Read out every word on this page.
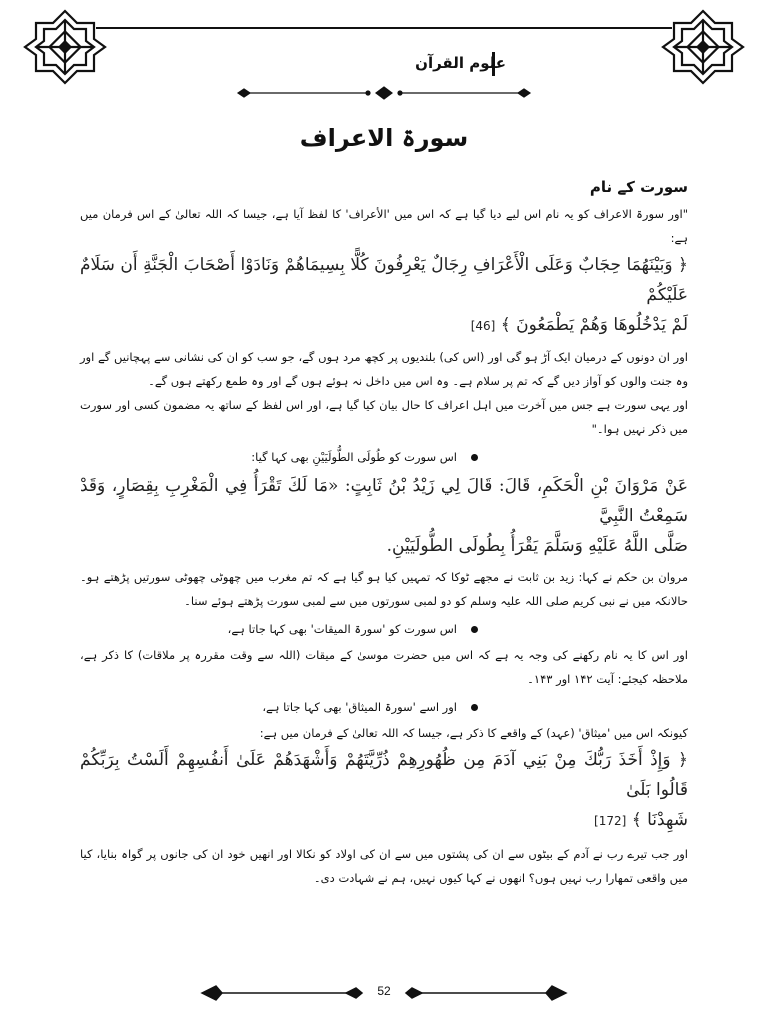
علوم القرآن
سورۃ الاعراف
سورت کے نام

"اور سورۃ الاعراف کو یہ نام اس لیے دیا گیا ہے کہ اس میں 'الأعراف' کا لفظ آیا ہے، جیسا کہ اللہ تعالیٰ کے اس فرمان میں ہے:

﴿ وَبَيْنَهُمَا حِجَابٌ وَعَلَى الْأَعْرَافِ رِجَالٌ يَعْرِفُونَ كُلًّا بِسِيمَاهُمْ وَنَادَوْا أَصْحَابَ الْجَنَّةِ أَن سَلَامٌ عَلَيْكُمْ

لَمْ يَدْخُلُوهَا وَهُمْ يَطْمَعُونَ ﴾ [46]

اور ان دونوں کے درمیان ایک آڑ ہو گی اور (اس کی) بلندیوں پر کچھ مرد ہوں گے، جو سب کو ان کی نشانی سے پہچانیں گے اور وہ جنت والوں کو آواز دیں گے کہ تم پر سلام ہے۔ وہ اس میں داخل نہ ہوئے ہوں گے اور وہ طمع رکھتے ہوں گے۔

اور یہی سورت ہے جس میں آخرت میں اہل اعراف کا حال بیان کیا گیا ہے، اور اس لفظ کے ساتھ یہ مضمون کسی اور سورت میں ذکر نہیں ہوا۔"

اس سورت کو طُولَى الطُّولَيَيْنِ بھی کہا گیا:

عَنْ مَرْوَانَ بْنِ الْحَكَمِ، قَالَ: قَالَ لِي زَيْدُ بْنُ ثَابِتٍ: «مَا لَكَ تَقْرَأُ فِي الْمَغْرِبِ بِقِصَارٍ، وَقَدْ سَمِعْتُ النَّبِيَّ

صَلَّى اللَّهُ عَلَيْهِ وَسَلَّمَ يَقْرَأُ بِطُولَى الطُّولَيَيْنِ.

مروان بن حکم نے کہا: زید بن ثابت نے مجھے ٹوکا کہ تمہیں کیا ہو گیا ہے کہ تم مغرب میں چھوٹی چھوٹی سورتیں پڑھتے ہو۔ حالانکہ میں نے نبی کریم صلی اللہ علیہ وسلم کو دو لمبی سورتوں میں سے لمبی سورت پڑھتے ہوئے سنا۔

اس سورت کو 'سورۃ المیقات' بھی کہا جاتا ہے،

اور اس کا یہ نام رکھنے کی وجہ یہ ہے کہ اس میں حضرت موسیٰ کے میقات (اللہ سے وقت مقررہ پر ملاقات) کا ذکر ہے، ملاحظہ کیجئے: آیت ۱۴۲ اور ۱۴۳۔

اور اسے 'سورۃ المیثاق' بھی کہا جاتا ہے،

کیونکہ اس میں 'میثاق' (عہد) کے واقعے کا ذکر ہے، جیسا کہ اللہ تعالیٰ کے فرمان میں ہے:

﴿ وَإِذْ أَخَذَ رَبُّكَ مِنْ بَنِي آدَمَ مِن ظُهُورِهِمْ ذُرِّيَّتَهُمْ وَأَشْهَدَهُمْ عَلَىٰ أَنفُسِهِمْ أَلَسْتُ بِرَبِّكُمْ قَالُوا بَلَىٰ

شَهِدْنَا ﴾ [172]

اور جب تیرے رب نے آدم کے بیٹوں سے ان کی پشتوں میں سے ان کی اولاد کو نکالا اور انھیں خود ان کی جانوں پر گواہ بنایا، کیا میں واقعی تمھارا رب نہیں ہوں؟ انھوں نے کہا کیوں نہیں، ہم نے شہادت دی۔

52
